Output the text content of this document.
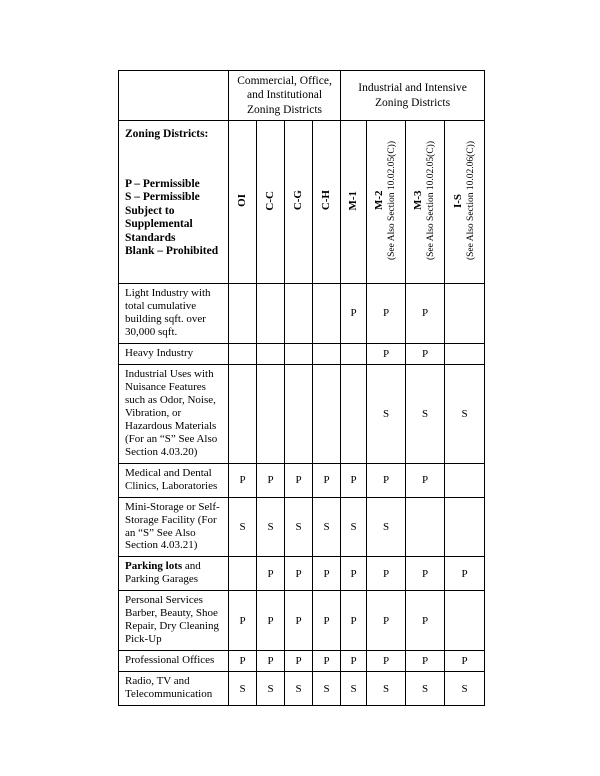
	Commercial, Office, and Institutional Zoning Districts				Industrial and Intensive Zoning Districts			

Zoning Districts:
P – Permissible
S – Permissible Subject to Supplemental Standards
Blank – Prohibited

OI	C-C	C-G	C-H	M-1	M-2 (See Also Section 10.02.05(C))	M-3 (See Also Section 10.02.05(C))	I-S (See Also Section 10.02.06(C))

Light Industry with total cumulative building sqft. over 30,000 sqft.					P	P	P	
Heavy Industry						P	P	
Industrial Uses with Nuisance Features such as Odor, Noise, Vibration, or Hazardous Materials (For an “S” See Also Section 4.03.20)						S	S	S
Medical and Dental Clinics, Laboratories	P	P	P	P	P	P	P	
Mini-Storage or Self-Storage Facility (For an “S” See Also Section 4.03.21)	S	S	S	S	S	S		
Parking lots and Parking Garages		P	P	P	P	P	P	P
Personal Services Barber, Beauty, Shoe Repair, Dry Cleaning Pick-Up	P	P	P	P	P	P	P	
Professional Offices	P	P	P	P	P	P	P	P
Radio, TV and Telecommunication	S	S	S	S	S	S	S	S
